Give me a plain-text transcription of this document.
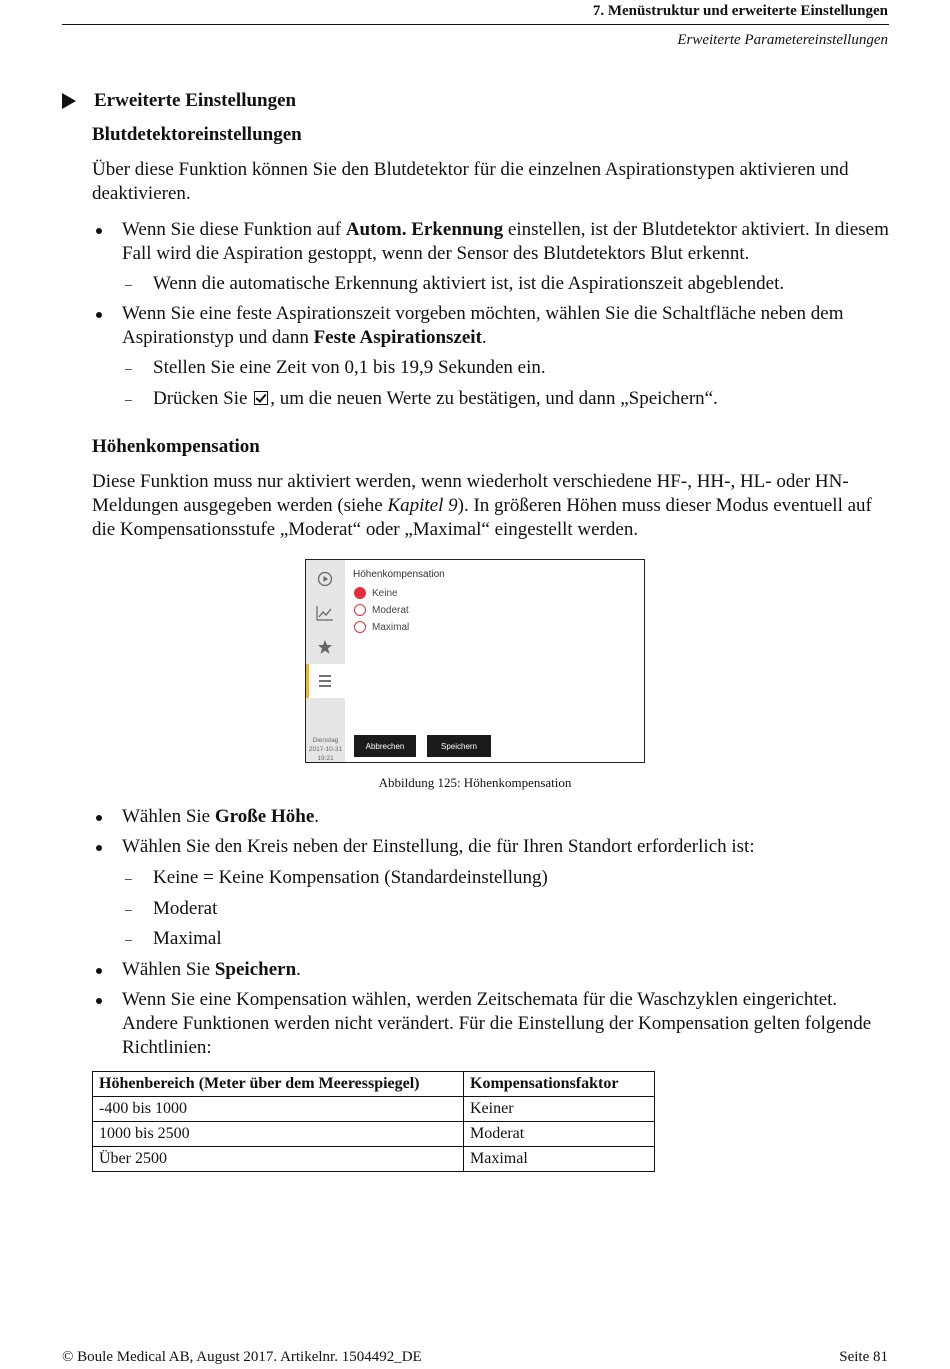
7. Menüstruktur und erweiterte Einstellungen
Erweiterte Parametereinstellungen
Erweiterte Einstellungen
Blutdetektoreinstellungen
Über diese Funktion können Sie den Blutdetektor für die einzelnen Aspirationstypen aktivieren und deaktivieren.
Wenn Sie diese Funktion auf Autom. Erkennung einstellen, ist der Blutdetektor aktiviert. In diesem Fall wird die Aspiration gestoppt, wenn der Sensor des Blutdetektors Blut erkennt.
Wenn die automatische Erkennung aktiviert ist, ist die Aspirationszeit abgeblendet.
Wenn Sie eine feste Aspirationszeit vorgeben möchten, wählen Sie die Schaltfläche neben dem Aspirationstyp und dann Feste Aspirationszeit.
Stellen Sie eine Zeit von 0,1 bis 19,9 Sekunden ein.
Drücken Sie , um die neuen Werte zu bestätigen, und dann „Speichern“.
Höhenkompensation
Diese Funktion muss nur aktiviert werden, wenn wiederholt verschiedene HF-, HH-, HL- oder HN-Meldungen ausgegeben werden (siehe Kapitel 9). In größeren Höhen muss dieser Modus eventuell auf die Kompensationsstufe „Moderat“ oder „Maximal“ eingestellt werden.
Dienstag
2017-10-31
19:21
Höhenkompensation
Keine
Moderat
Maximal
Abbrechen	Speichern
Abbildung 125: Höhenkompensation
Wählen Sie Große Höhe.
Wählen Sie den Kreis neben der Einstellung, die für Ihren Standort erforderlich ist:
Keine = Keine Kompensation (Standardeinstellung)
Moderat
Maximal
Wählen Sie Speichern.
Wenn Sie eine Kompensation wählen, werden Zeitschemata für die Waschzyklen eingerichtet. Andere Funktionen werden nicht verändert. Für die Einstellung der Kompensation gelten folgende Richtlinien:
Höhenbereich (Meter über dem Meeresspiegel)	Kompensationsfaktor
-400 bis 1000	Keiner
1000 bis 2500	Moderat
Über 2500	Maximal
© Boule Medical AB, August 2017. Artikelnr. 1504492_DE	Seite 81
